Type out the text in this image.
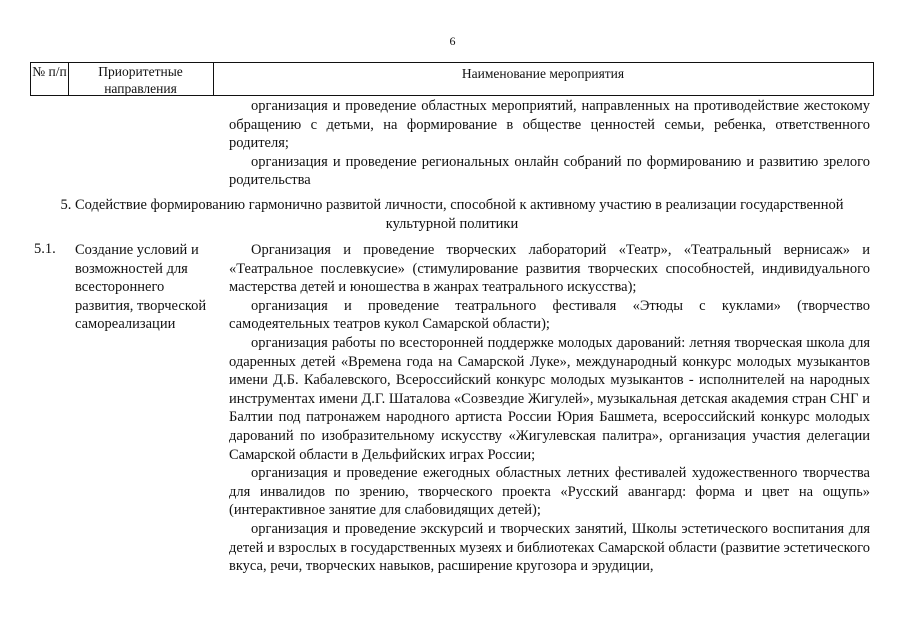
6
№ п/п	Приоритетные направления
Наименование мероприятия

организация и проведение областных мероприятий, направленных на противодействие жестокому обращению с детьми, на формирование в обществе ценностей семьи, ребенка, ответственного родителя;

организация и проведение региональных онлайн собраний по формированию и развитию зрелого родительства

5. Содействие формированию гармонично развитой личности, способной к активному участию в реализации государственной культурной политики
5.1. Создание условий и возможностей для всестороннего развития, творческой самореализации

Организация и проведение творческих лабораторий «Театр», «Театральный вернисаж» и «Театральное послевкусие» (стимулирование развития творческих способностей, индивидуального мастерства детей и юношества в жанрах театрального искусства);

организация и проведение театрального фестиваля «Этюды с куклами» (творчество самодеятельных театров кукол Самарской области);

организация работы по всесторонней поддержке молодых дарований: летняя творческая школа для одаренных детей «Времена года на Самарской Луке», международный конкурс молодых музыкантов имени Д.Б. Кабалевского, Всероссийский конкурс молодых музыкантов - исполнителей на народных инструментах имени Д.Г. Шаталова «Созвездие Жигулей», музыкальная детская академия стран СНГ и Балтии под патронажем народного артиста России Юрия Башмета, всероссийский конкурс молодых дарований по изобразительному искусству «Жигулевская палитра», организация участия делегации Самарской области в Дельфийских играх России;

организация и проведение ежегодных областных летних фестивалей художественного творчества для инвалидов по зрению, творческого проекта «Русский авангард: форма и цвет на ощупь» (интерактивное занятие для слабовидящих детей);

организация и проведение экскурсий и творческих занятий, Школы эстетического воспитания для детей и взрослых в государственных музеях и библиотеках Самарской области (развитие эстетического вкуса, речи, творческих навыков, расширение кругозора и эрудиции,
